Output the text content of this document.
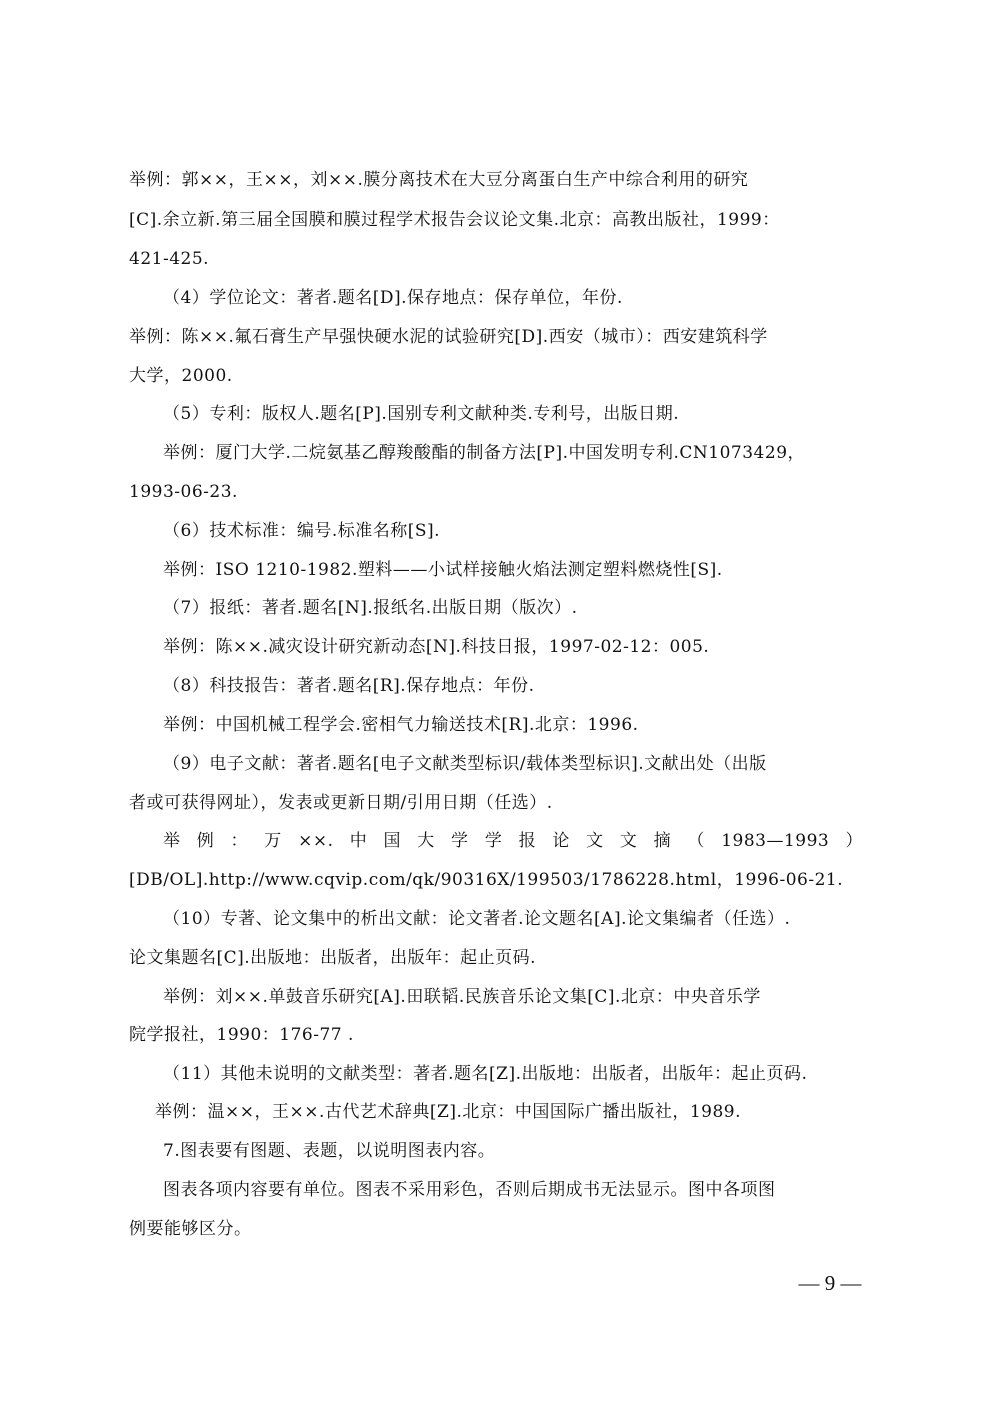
举例：郭××，王××，刘××.膜分离技术在大豆分离蛋白生产中综合利用的研究
[C].余立新.第三届全国膜和膜过程学术报告会议论文集.北京：高教出版社，1999：
421-425.
（4）学位论文：著者.题名[D].保存地点：保存单位，年份.
举例：陈××.氟石膏生产早强快硬水泥的试验研究[D].西安（城市）：西安建筑科学
大学，2000.
（5）专利：版权人.题名[P].国别专利文献种类.专利号，出版日期.
举例：厦门大学.二烷氨基乙醇羧酸酯的制备方法[P].中国发明专利.CN1073429，
1993-06-23.
（6）技术标准：编号.标准名称[S].
举例：ISO 1210-1982.塑料——小试样接触火焰法测定塑料燃烧性[S].
（7）报纸：著者.题名[N].报纸名.出版日期（版次）.
举例：陈××.减灾设计研究新动态[N].科技日报，1997-02-12：005.
（8）科技报告：著者.题名[R].保存地点：年份.
举例：中国机械工程学会.密相气力输送技术[R].北京：1996.
（9）电子文献：著者.题名[电子文献类型标识/载体类型标识].文献出处（出版
者或可获得网址），发表或更新日期/引用日期（任选）.
举例：万××.中国大学学报论文文摘（1983—1993）
[DB/OL].http://www.cqvip.com/qk/90316X/199503/1786228.html，1996-06-21.
（10）专著、论文集中的析出文献：论文著者.论文题名[A].论文集编者（任选）.
论文集题名[C].出版地：出版者，出版年：起止页码.
举例：刘××.单鼓音乐研究[A].田联韬.民族音乐论文集[C].北京：中央音乐学
院学报社，1990：176-77 .
（11）其他未说明的文献类型：著者.题名[Z].出版地：出版者，出版年：起止页码.
举例：温××，王××.古代艺术辞典[Z].北京：中国国际广播出版社，1989.
7.图表要有图题、表题，以说明图表内容。
图表各项内容要有单位。图表不采用彩色，否则后期成书无法显示。图中各项图
例要能够区分。
— 9 —
